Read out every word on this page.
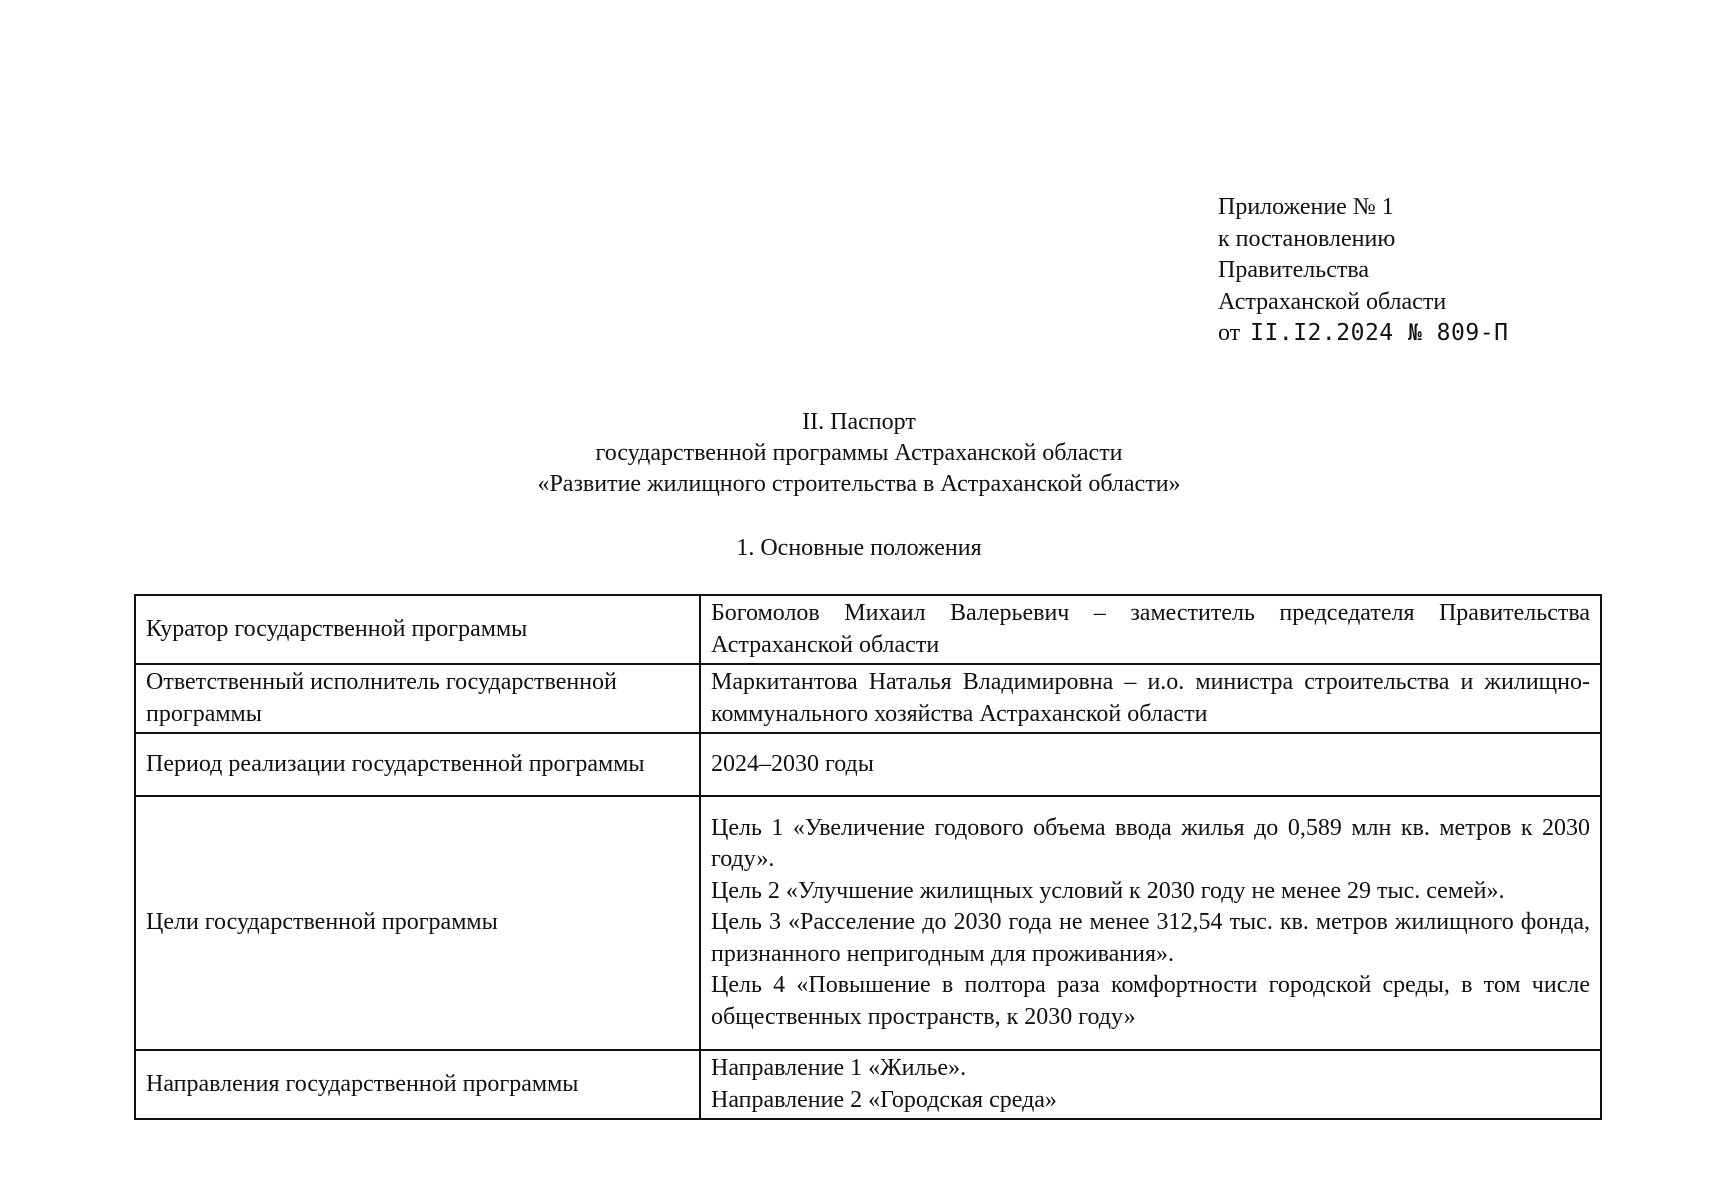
Приложение № 1
к постановлению
Правительства
Астраханской области
от II.I2.2024 № 809-П
II. Паспорт
государственной программы Астраханской области
«Развитие жилищного строительства в Астраханской области»
1. Основные положения
Куратор государственной программы	Богомолов Михаил Валерьевич – заместитель председателя Правительства Астраханской области

Ответственный исполнитель государственной программы	Маркитантова Наталья Владимировна – и.о. министра строительства и жилищно-коммунального хозяйства Астраханской области

Период реализации государственной программы	2024–2030 годы

Цели государственной программы	Цель 1 «Увеличение годового объема ввода жилья до 0,589 млн кв. метров к 2030 году».

Цель 2 «Улучшение жилищных условий к 2030 году не менее 29 тыс. семей».

Цель 3 «Расселение до 2030 года не менее 312,54 тыс. кв. метров жилищного фонда, признанного непригодным для проживания».

Цель 4 «Повышение в полтора раза комфортности городской среды, в том числе общественных пространств, к 2030 году»

Направления государственной программы	Направление 1 «Жилье».

Направление 2 «Городская среда»
